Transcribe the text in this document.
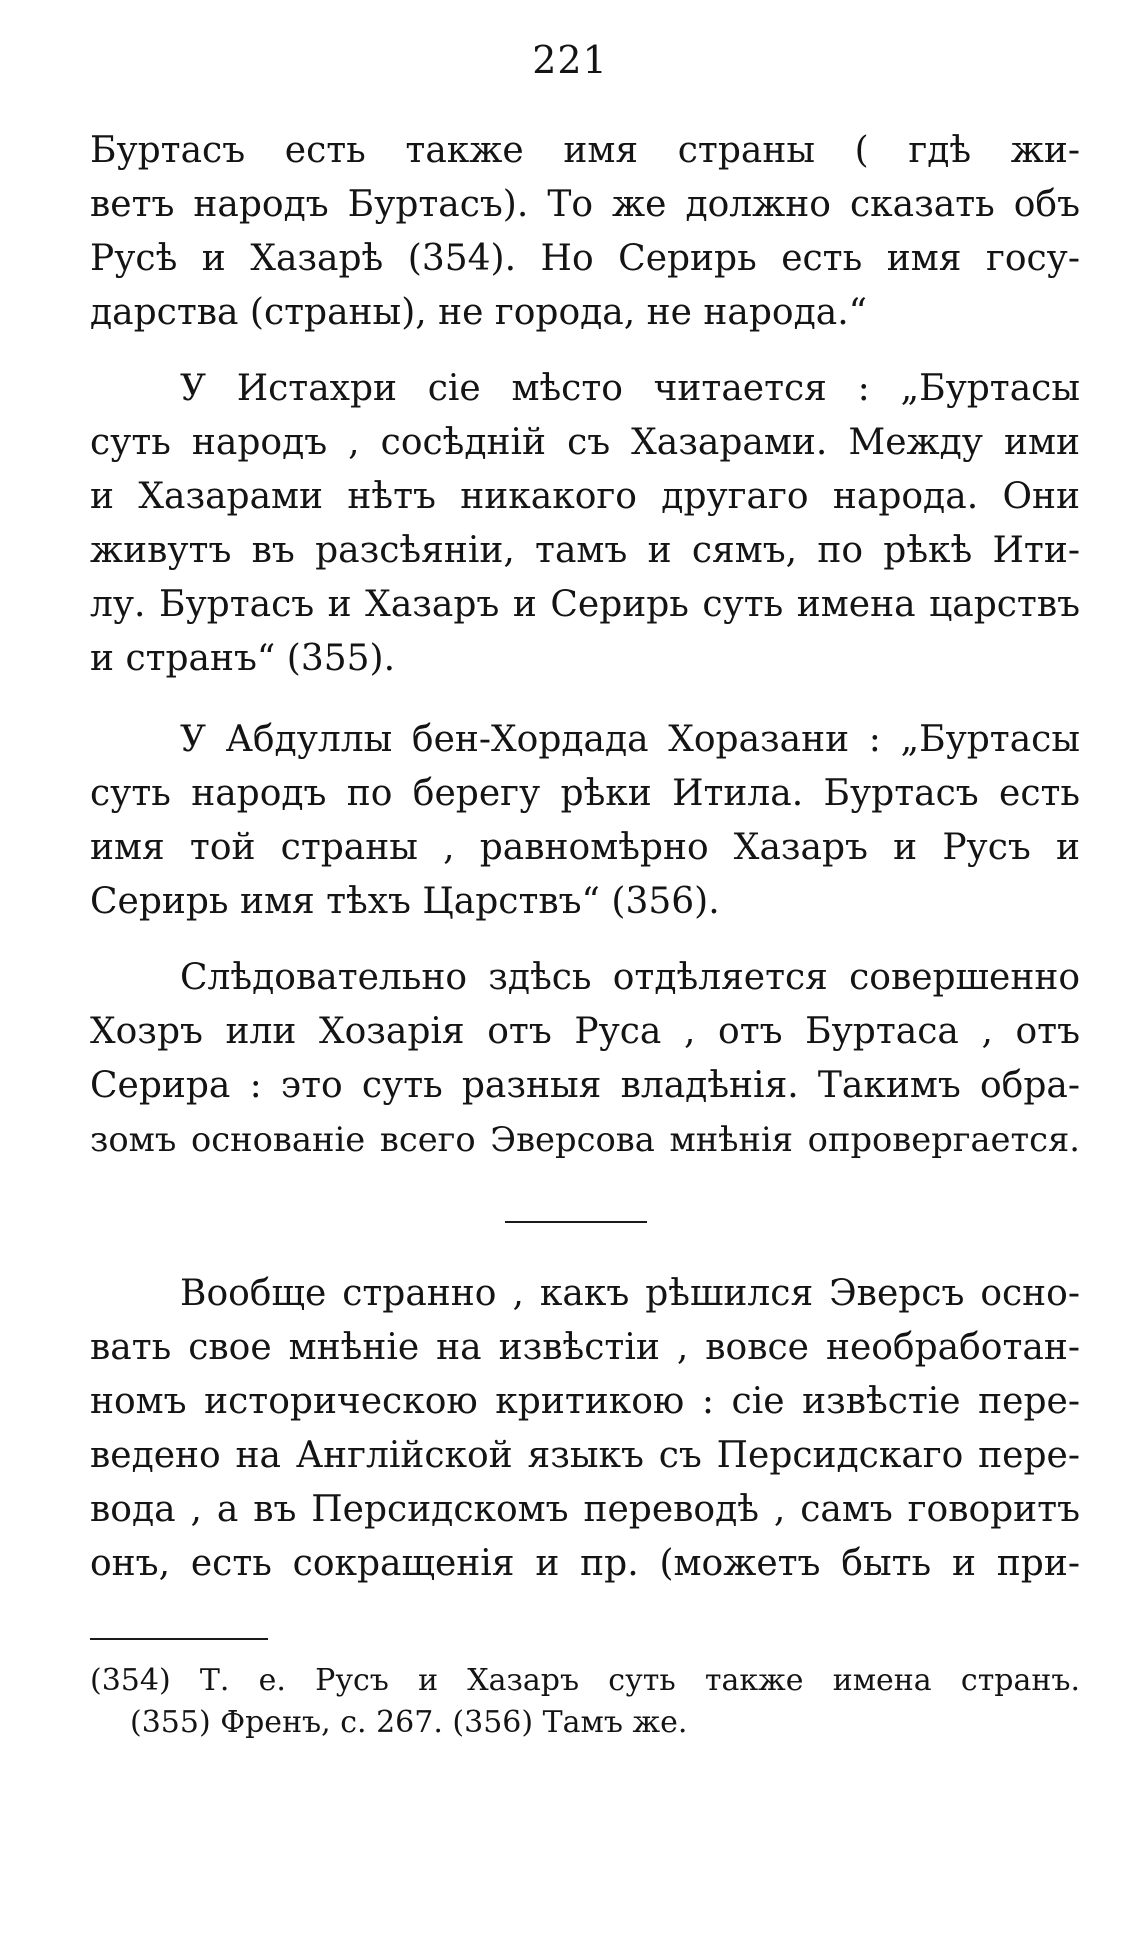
221
Буртасъ есть также имя страны ( гдѣ жи-
ветъ народъ Буртасъ). То же должно сказать объ
Русѣ и Хазарѣ (354). Но Серирь есть имя госу-
дарства (страны), не города, не народа.“
У Истахри сіе мѣсто читается : „Буртасы
суть народъ , сосѣдній съ Хазарами. Между ими
и Хазарами нѣтъ никакого другаго народа. Они
живутъ въ разсѣяніи, тамъ и сямъ, по рѣкѣ Ити-
лу. Буртасъ и Хазаръ и Серирь суть имена царствъ
и странъ“ (355).
У Абдуллы бен-Хордада Хоразани : „Буртасы
суть народъ по берегу рѣки Итила. Буртасъ есть
имя той страны , равномѣрно Хазаръ и Русъ и
Серирь имя тѣхъ Царствъ“ (356).
Слѣдовательно здѣсь отдѣляется совершенно
Хозръ или Хозарія отъ Руса , отъ Буртаса , отъ
Серира : это суть разныя владѣнія. Такимъ обра-
зомъ основаніе всего Эверсова мнѣнія опровергается.
Вообще странно , какъ рѣшился Эверсъ осно-
вать свое мнѣніе на извѣстіи , вовсе необработан-
номъ историческою критикою : сіе извѣстіе пере-
ведено на Англійской языкъ съ Персидскаго пере-
вода , а въ Персидскомъ переводѣ , самъ говоритъ
онъ, есть сокращенія и пр. (можетъ быть и при-
(354) Т. е. Русъ и Хазаръ суть также имена странъ.
(355) Френъ, с. 267. (356) Тамъ же.
